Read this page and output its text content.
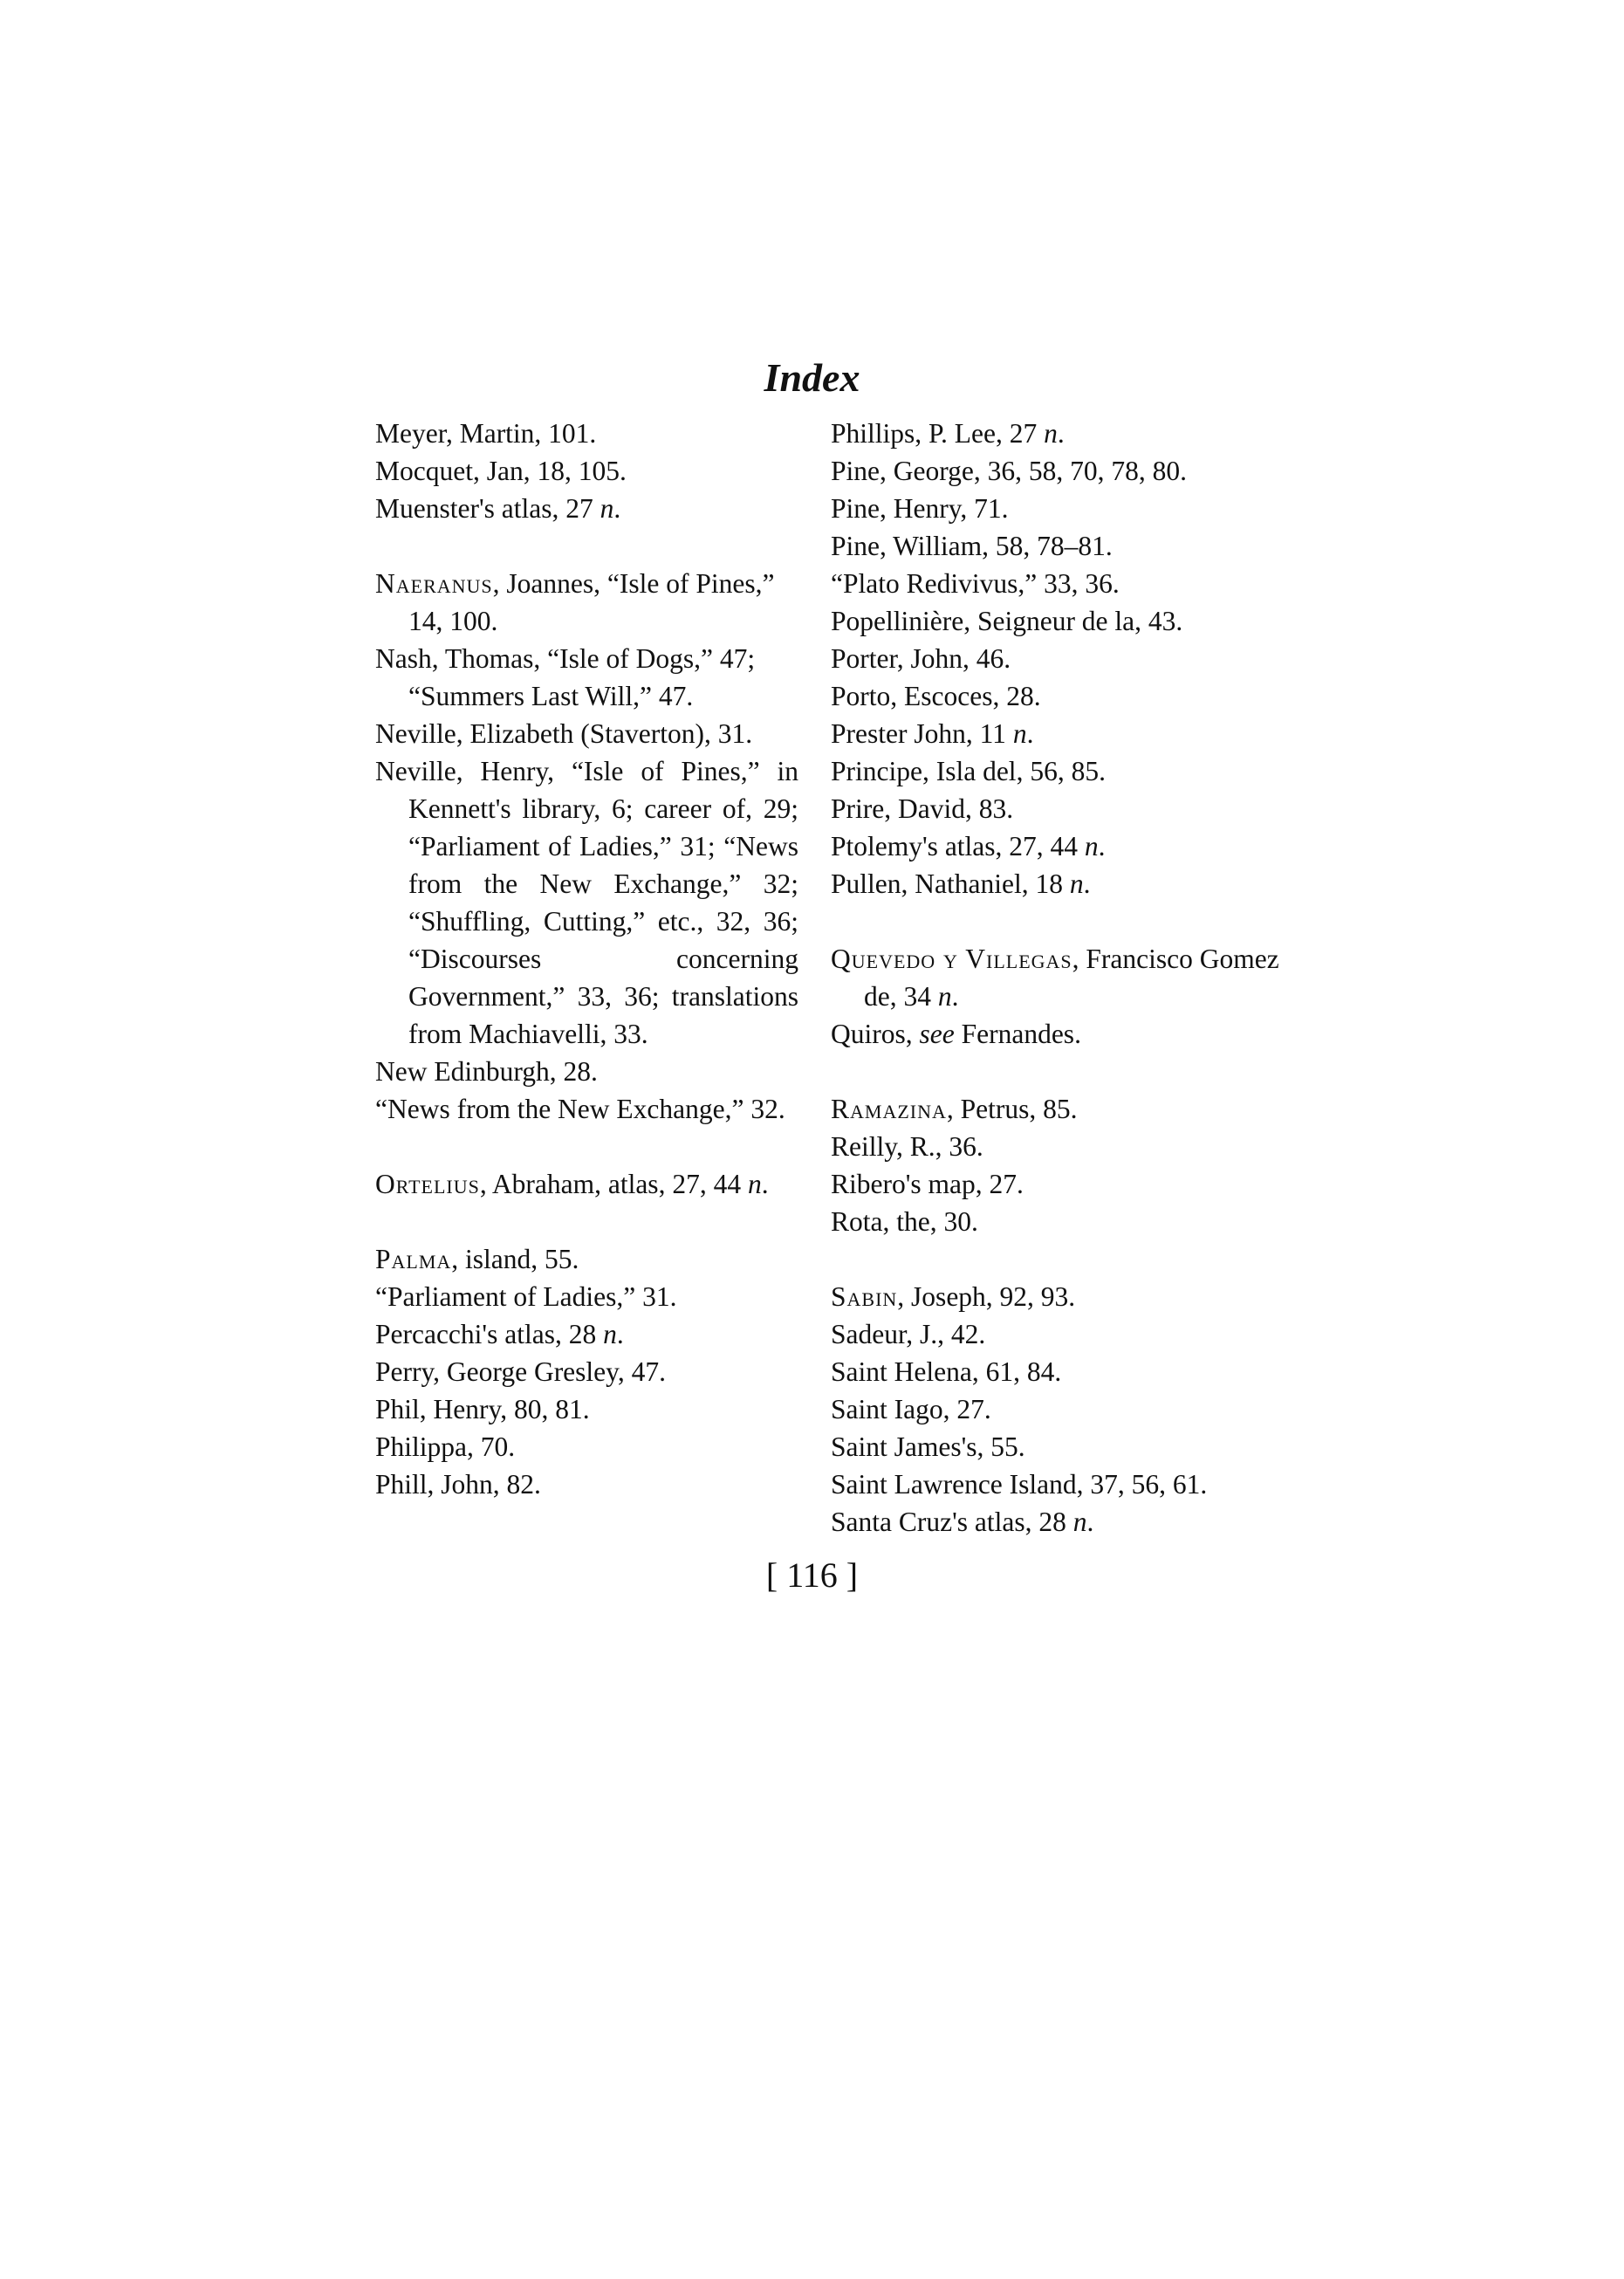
Index
Meyer, Martin, 101.
Mocquet, Jan, 18, 105.
Muenster's atlas, 27 n.
Naeranus, Joannes, “Isle of Pines,” 14, 100.
Nash, Thomas, “Isle of Dogs,” 47; “Summers Last Will,” 47.
Neville, Elizabeth (Staverton), 31.
Neville, Henry, “Isle of Pines,” in Kennett's library, 6; career of, 29; “Parliament of Ladies,” 31; “News from the New Exchange,” 32; “Shuffling, Cutting,” etc., 32, 36; “Discourses concerning Government,” 33, 36; translations from Machiavelli, 33.
New Edinburgh, 28.
“News from the New Exchange,” 32.
Ortelius, Abraham, atlas, 27, 44 n.
Palma, island, 55.
“Parliament of Ladies,” 31.
Percacchi's atlas, 28 n.
Perry, George Gresley, 47.
Phil, Henry, 80, 81.
Philippa, 70.
Phill, John, 82.
Phillips, P. Lee, 27 n.
Pine, George, 36, 58, 70, 78, 80.
Pine, Henry, 71.
Pine, William, 58, 78–81.
“Plato Redivivus,” 33, 36.
Popellinière, Seigneur de la, 43.
Porter, John, 46.
Porto, Escoces, 28.
Prester John, 11 n.
Principe, Isla del, 56, 85.
Prire, David, 83.
Ptolemy's atlas, 27, 44 n.
Pullen, Nathaniel, 18 n.
Quevedo y Villegas, Francisco Gomez de, 34 n.
Quiros, see Fernandes.
Ramazina, Petrus, 85.
Reilly, R., 36.
Ribero's map, 27.
Rota, the, 30.
Sabin, Joseph, 92, 93.
Sadeur, J., 42.
Saint Helena, 61, 84.
Saint Iago, 27.
Saint James's, 55.
Saint Lawrence Island, 37, 56, 61.
Santa Cruz's atlas, 28 n.
[ 116 ]
